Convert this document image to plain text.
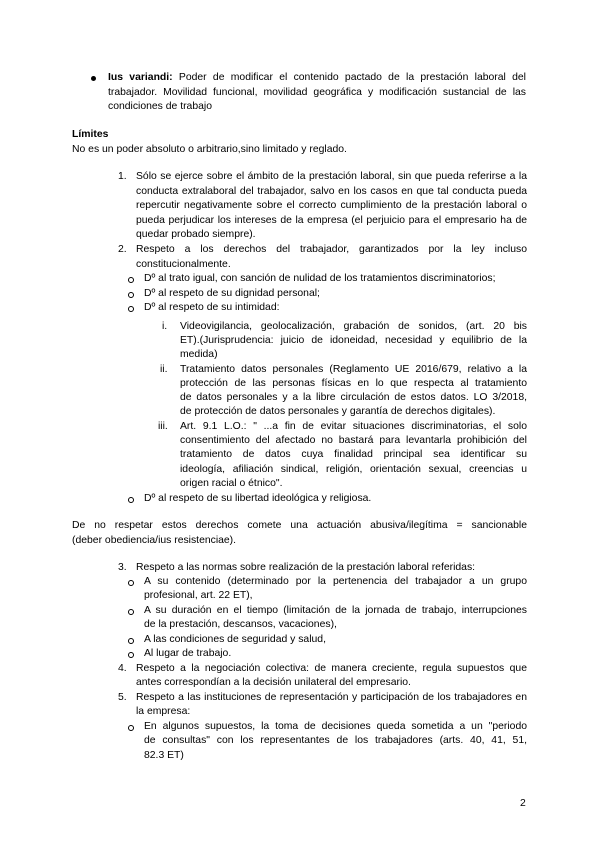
Ius variandi: Poder de modificar el contenido pactado de la prestación laboral del
trabajador. Movilidad funcional, movilidad geográfica y modificación sustancial de las
condiciones de trabajo
Límites
No es un poder absoluto o arbitrario,sino limitado y reglado.
1. Sólo se ejerce sobre el ámbito de la prestación laboral, sin que pueda referirse a la
conducta extralaboral del trabajador, salvo en los casos en que tal conducta pueda
repercutir negativamente sobre el correcto cumplimiento de la prestación laboral o
pueda perjudicar los intereses de la empresa (el perjuicio para el empresario ha de
quedar probado siempre).
2. Respeto a los derechos del trabajador, garantizados por la ley incluso
constitucionalmente.
Dº al trato igual, con sanción de nulidad de los tratamientos discriminatorios;
Dº al respeto de su dignidad personal;
Dº al respeto de su intimidad:
i. Videovigilancia, geolocalización, grabación de sonidos, (art. 20 bis
ET).(Jurisprudencia: juicio de idoneidad, necesidad y equilibrio de la
medida)
ii. Tratamiento datos personales (Reglamento UE 2016/679, relativo a la
protección de las personas físicas en lo que respecta al tratamiento
de datos personales y a la libre circulación de estos datos. LO 3/2018,
de protección de datos personales y garantía de derechos digitales).
iii. Art. 9.1 L.O.: " ...a fin de evitar situaciones discriminatorias, el solo
consentimiento del afectado no bastará para levantarla prohibición del
tratamiento de datos cuya finalidad principal sea identificar su
ideología, afiliación sindical, religión, orientación sexual, creencias u
origen racial o étnico".
Dº al respeto de su libertad ideológica y religiosa.
De no respetar estos derechos comete una actuación abusiva/ilegítima = sancionable
(deber obediencia/ius resistenciae).
3. Respeto a las normas sobre realización de la prestación laboral referidas:
A su contenido (determinado por la pertenencia del trabajador a un grupo
profesional, art. 22 ET),
A su duración en el tiempo (limitación de la jornada de trabajo, interrupciones
de la prestación, descansos, vacaciones),
A las condiciones de seguridad y salud,
Al lugar de trabajo.
4. Respeto a la negociación colectiva: de manera creciente, regula supuestos que
antes correspondían a la decisión unilateral del empresario.
5. Respeto a las instituciones de representación y participación de los trabajadores en
la empresa:
En algunos supuestos, la toma de decisiones queda sometida a un "periodo
de consultas" con los representantes de los trabajadores (arts. 40, 41, 51,
82.3 ET)
2
